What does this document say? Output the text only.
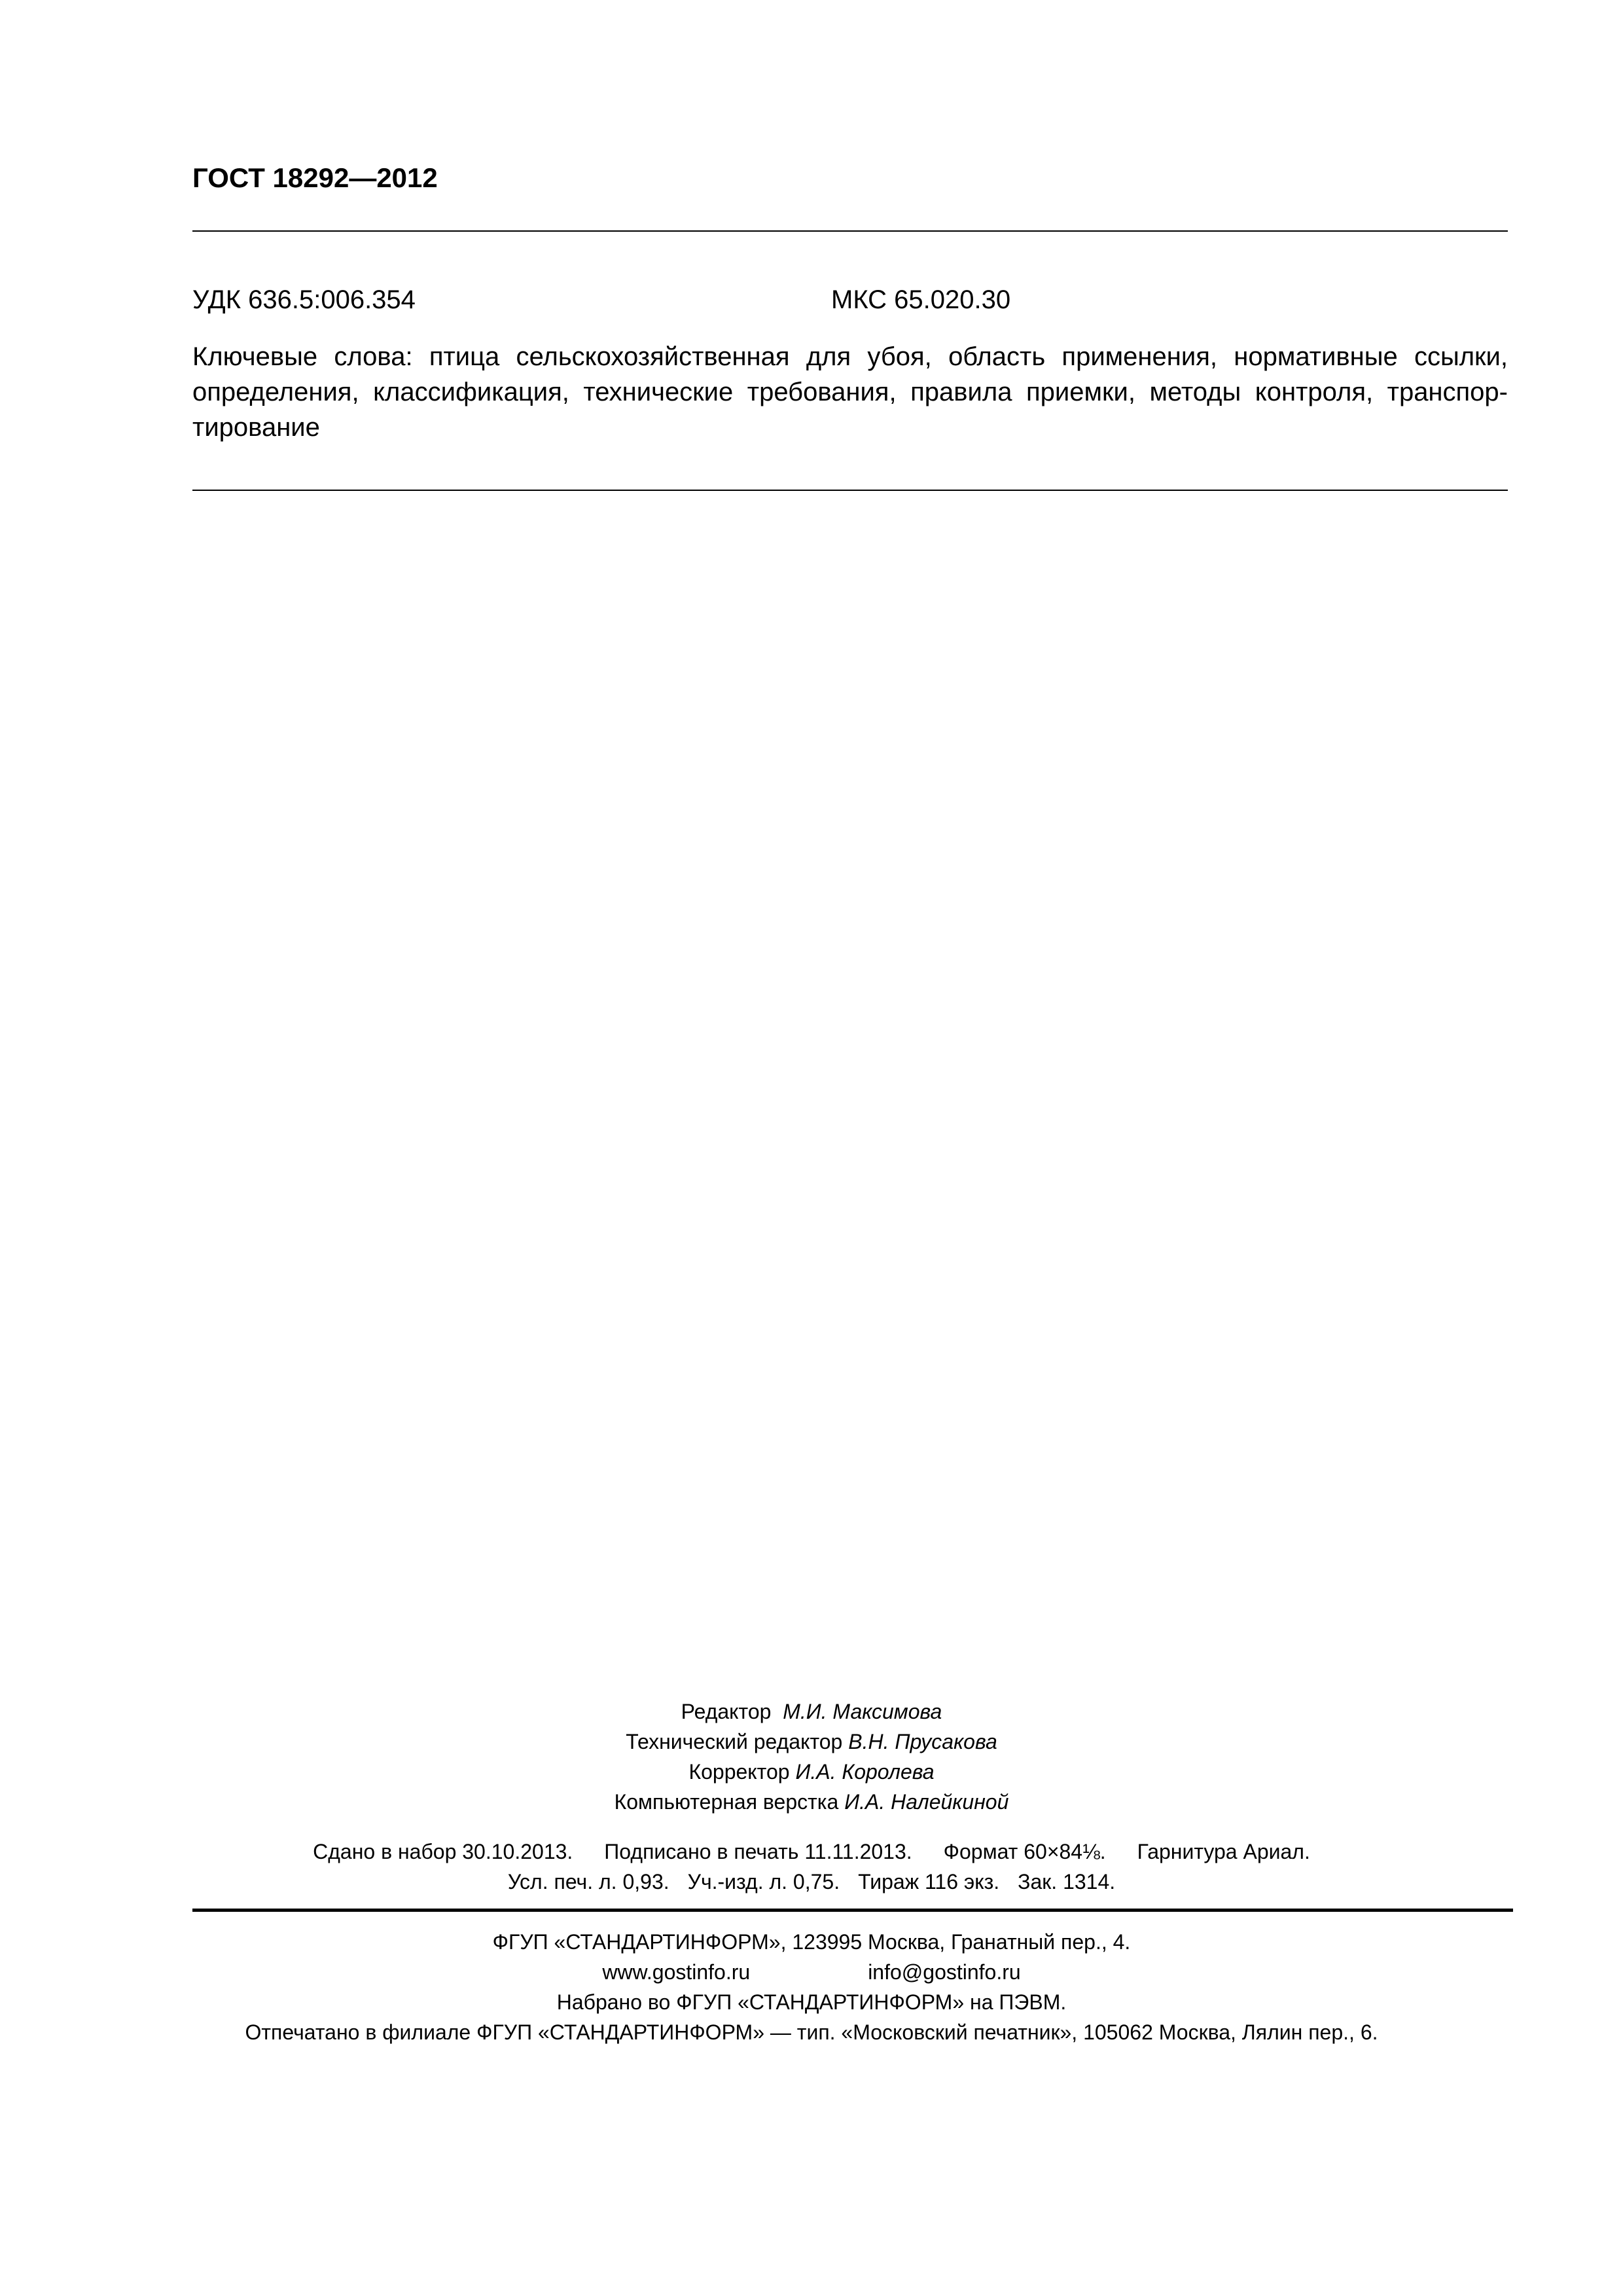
ГОСТ 18292—2012
УДК 636.5:006.354	МКС 65.020.30
Ключевые слова: птица сельскохозяйственная для убоя, область применения, нормативные ссылки,
определения, классификация, технические требования, правила приемки, методы контроля, транспор-
тирование
Редактор М.И. Максимова
Технический редактор В.Н. Прусакова
Корректор И.А. Королева
Компьютерная верстка И.А. Налейкиной
Сдано в набор 30.10.2013. Подписано в печать 11.11.2013. Формат 60×84⅛. Гарнитура Ариал.
Усл. печ. л. 0,93. Уч.-изд. л. 0,75. Тираж 116 экз. Зак. 1314.
ФГУП «СТАНДАРТИНФОРМ», 123995 Москва, Гранатный пер., 4.
www.gostinfo.ru	info@gostinfo.ru
Набрано во ФГУП «СТАНДАРТИНФОРМ» на ПЭВМ.
Отпечатано в филиале ФГУП «СТАНДАРТИНФОРМ» — тип. «Московский печатник», 105062 Москва, Лялин пер., 6.
